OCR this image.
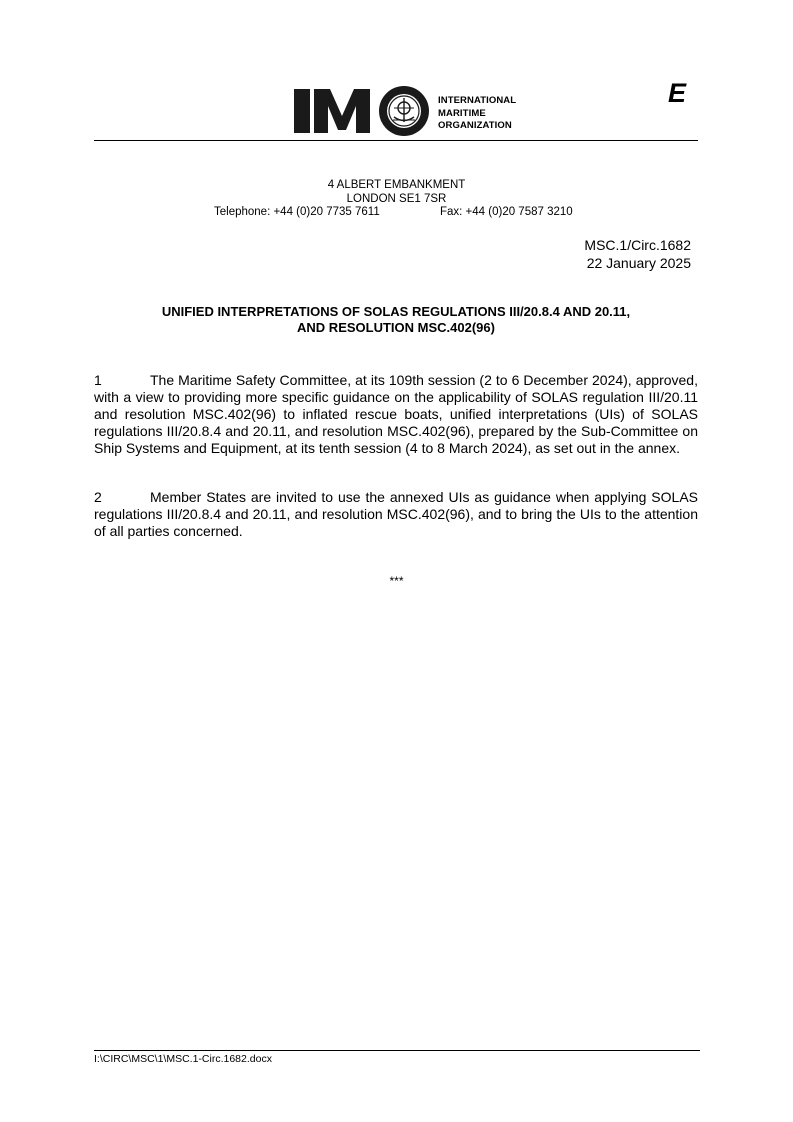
INTERNATIONAL
MARITIME
ORGANIZATION
E
4 ALBERT EMBANKMENT
LONDON SE1 7SR
Telephone: +44 (0)20 7735 7611	Fax: +44 (0)20 7587 3210
MSC.1/Circ.1682
22 January 2025
UNIFIED INTERPRETATIONS OF SOLAS REGULATIONS III/20.8.4 AND 20.11,
AND RESOLUTION MSC.402(96)
1	The Maritime Safety Committee, at its 109th session (2 to 6 December 2024), approved, with a view to providing more specific guidance on the applicability of SOLAS regulation III/20.11 and resolution MSC.402(96) to inflated rescue boats, unified interpretations (UIs) of SOLAS regulations III/20.8.4 and 20.11, and resolution MSC.402(96), prepared by the Sub-Committee on Ship Systems and Equipment, at its tenth session (4 to 8 March 2024), as set out in the annex.
2	Member States are invited to use the annexed UIs as guidance when applying SOLAS regulations III/20.8.4 and 20.11, and resolution MSC.402(96), and to bring the UIs to the attention of all parties concerned.
***
I:\CIRC\MSC\1\MSC.1-Circ.1682.docx
